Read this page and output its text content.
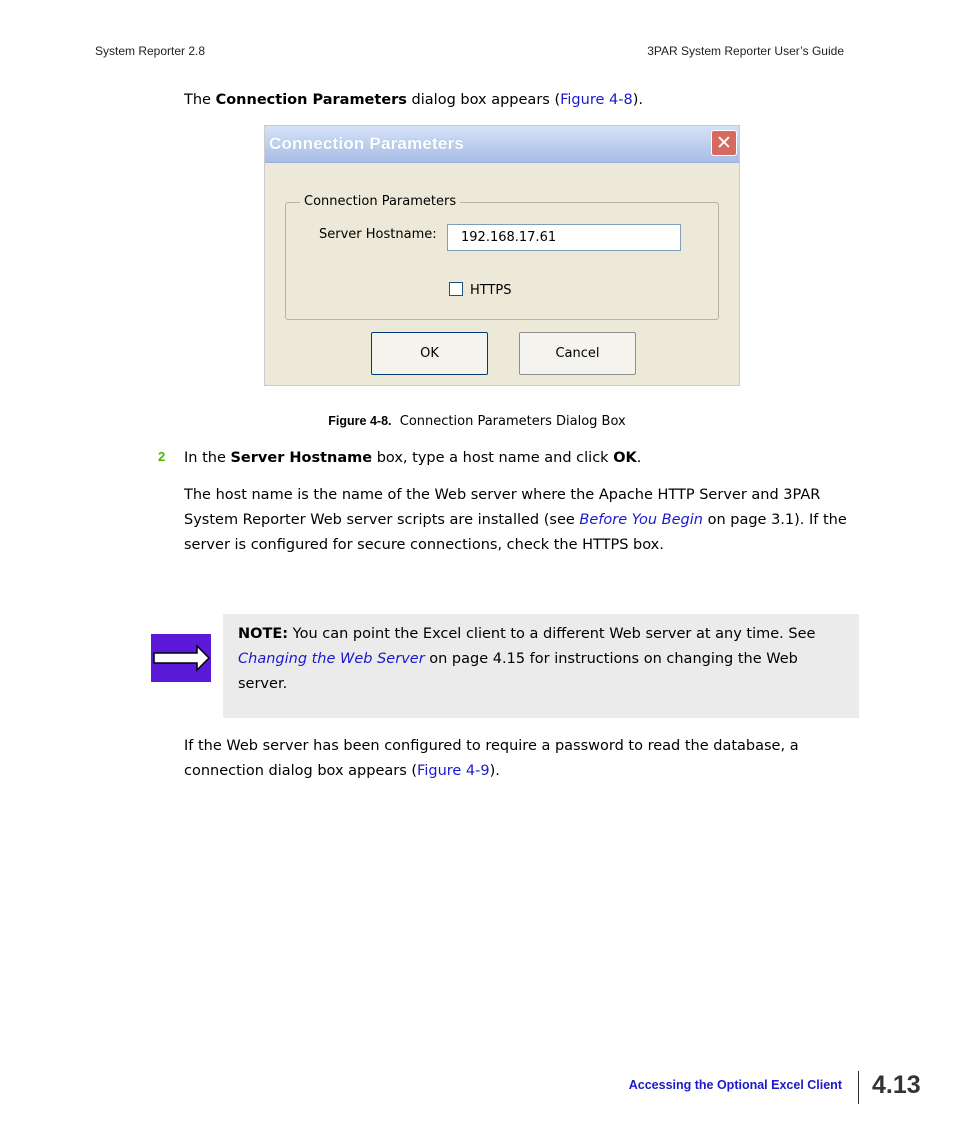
System Reporter 2.8	3PAR System Reporter User’s Guide
The Connection Parameters dialog box appears (Figure 4-8).
Connection Parameters	✕
Connection Parameters
Server Hostname:	192.168.17.61
HTTPS
OK	Cancel
Figure 4-8. Connection Parameters Dialog Box
2 In the Server Hostname box, type a host name and click OK.
The host name is the name of the Web server where the Apache HTTP Server and 3PAR
System Reporter Web server scripts are installed (see Before You Begin on page 3.1). If the
server is configured for secure connections, check the HTTPS box.
NOTE: You can point the Excel client to a different Web server at any time. See
Changing the Web Server on page 4.15 for instructions on changing the Web
server.
If the Web server has been configured to require a password to read the database, a
connection dialog box appears (Figure 4-9).
Accessing the Optional Excel Client 4.13
